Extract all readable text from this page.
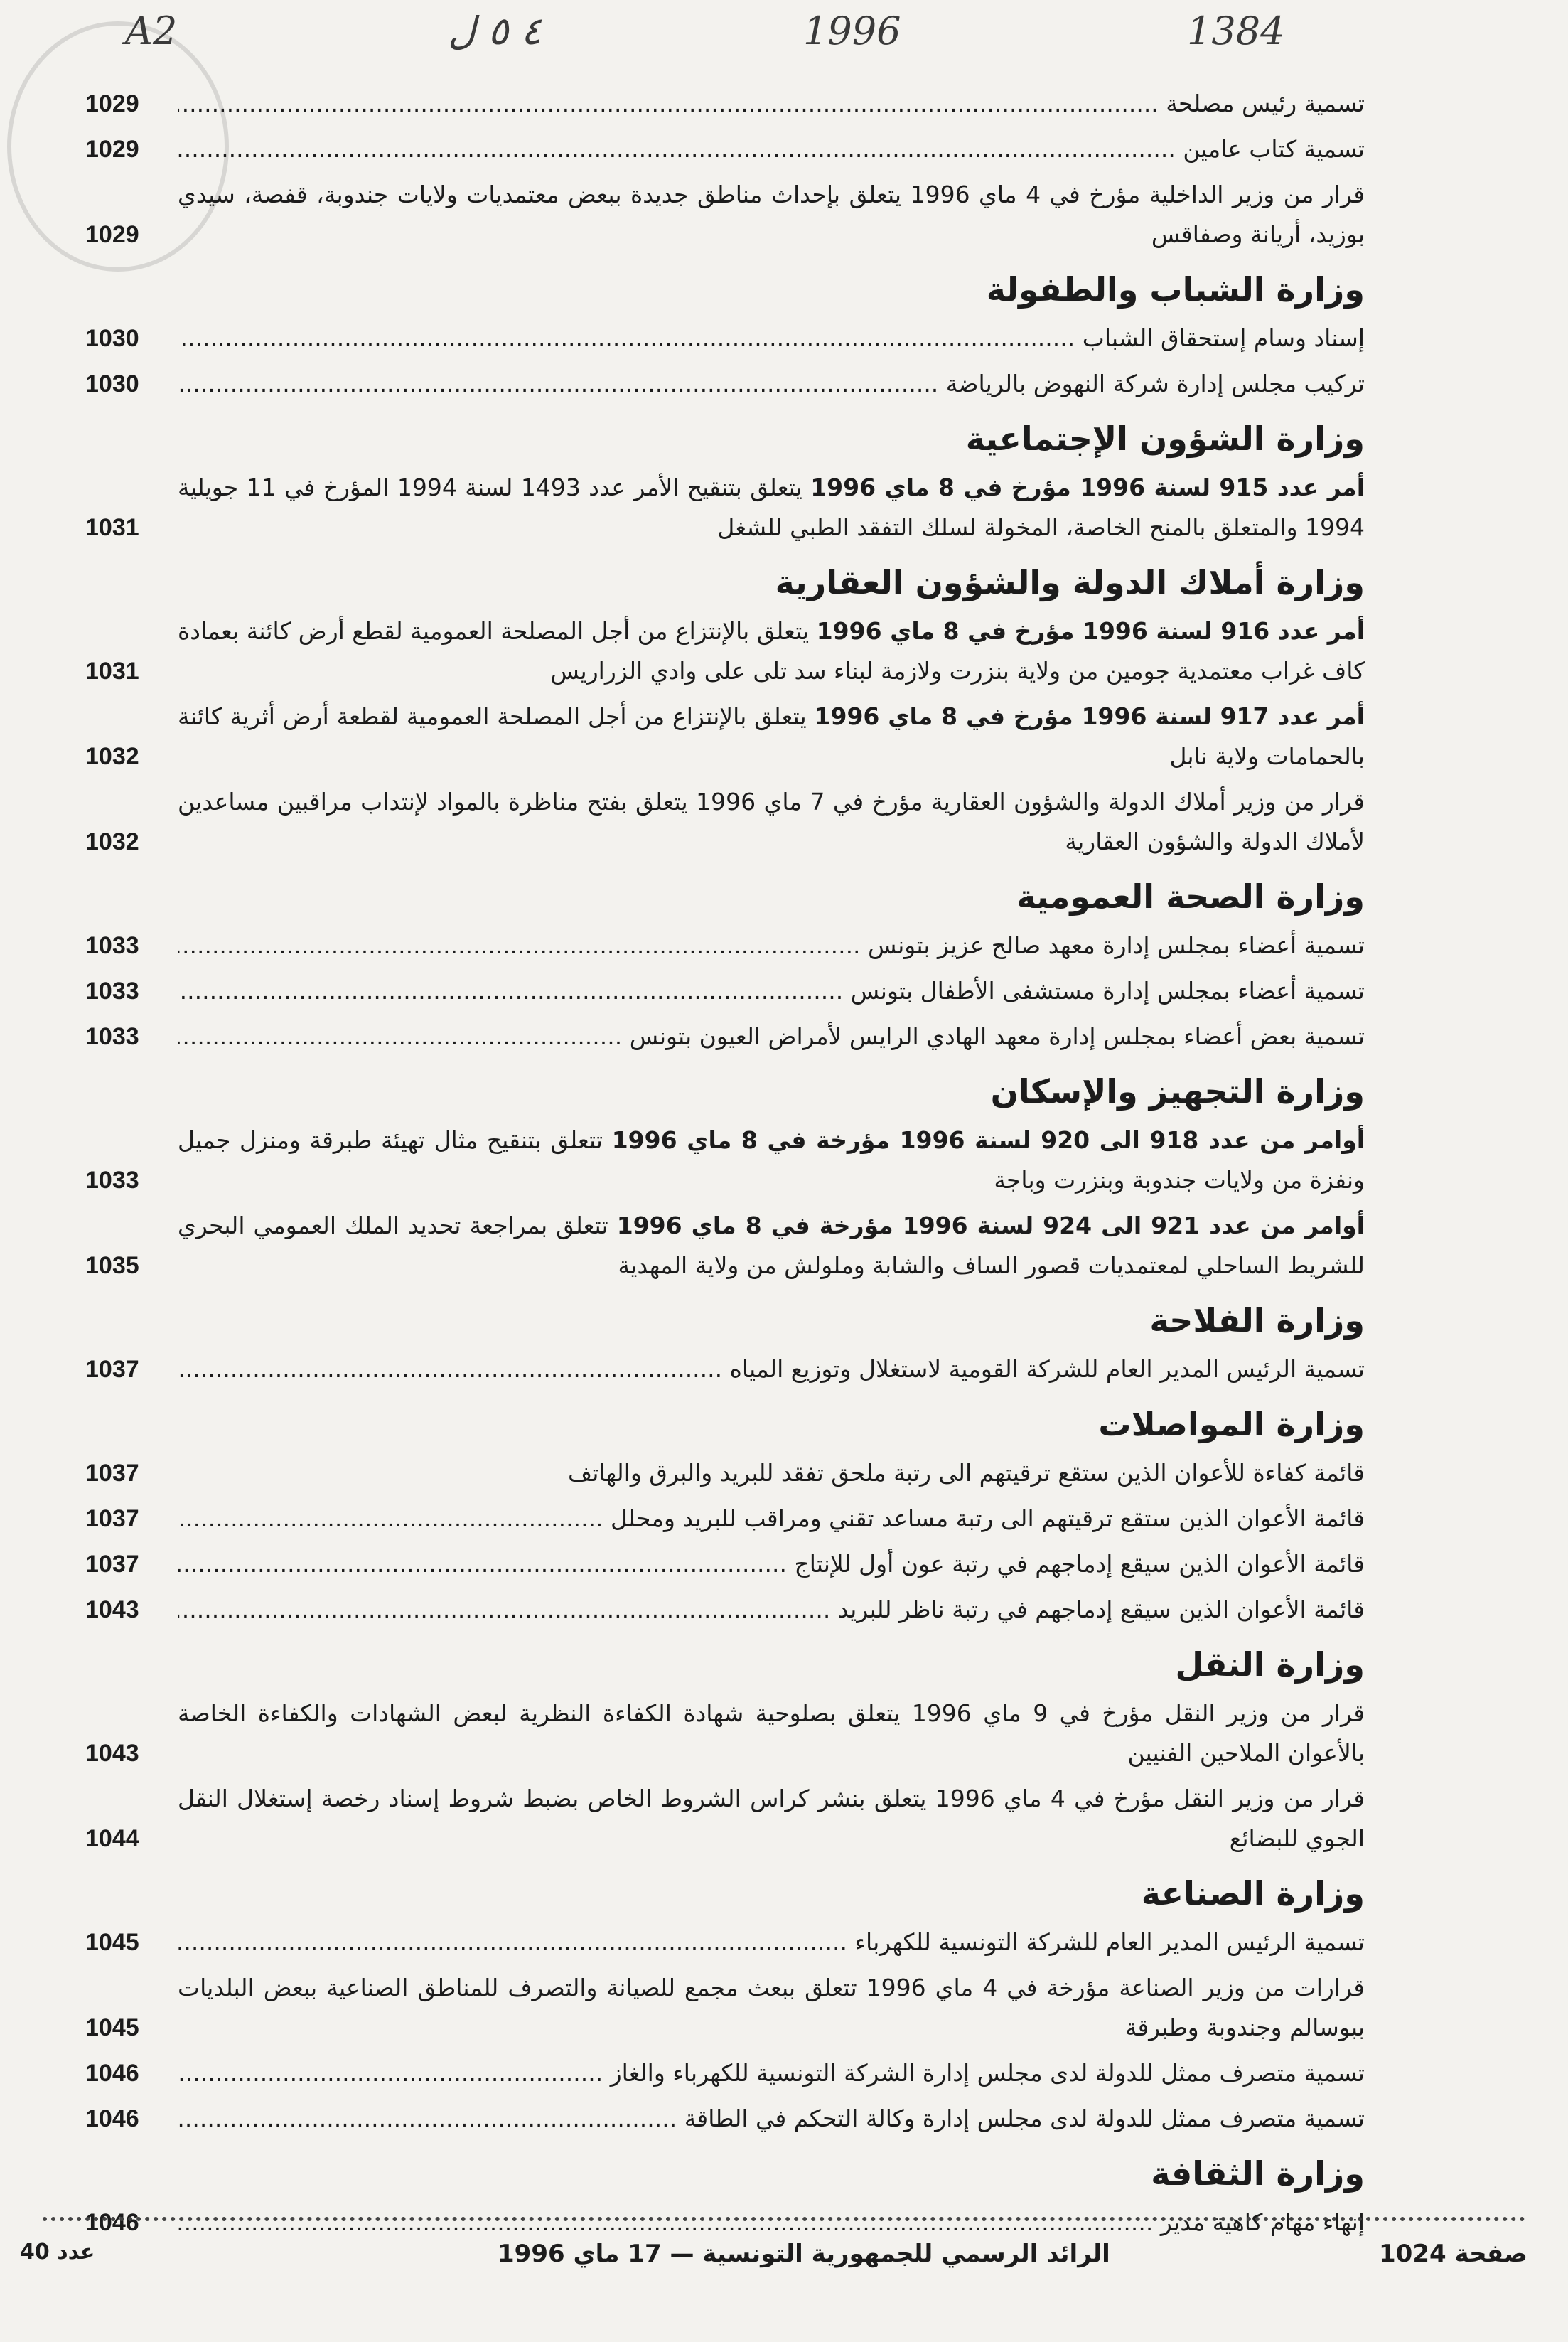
A2	٤ ٥ ل	1996	1384
تسمية رئيس مصلحة .....
1029
تسمية كتاب عامين .....
1029
قرار من وزير الداخلية مؤرخ في 4 ماي 1996 يتعلق بإحداث مناطق جديدة ببعض معتمديات ولايات جندوبة، قفصة، سيدي بوزيد، أريانة وصفاقس
1029
وزارة الشباب والطفولة
إسناد وسام إستحقاق الشباب .....
1030
تركيب مجلس إدارة شركة النهوض بالرياضة .....
1030
وزارة الشؤون الإجتماعية
أمر عدد 915 لسنة 1996 مؤرخ في 8 ماي 1996 يتعلق بتنقيح الأمر عدد 1493 لسنة 1994 المؤرخ في 11 جويلية 1994 والمتعلق بالمنح الخاصة، المخولة لسلك التفقد الطبي للشغل
1031
وزارة أملاك الدولة والشؤون العقارية
أمر عدد 916 لسنة 1996 مؤرخ في 8 ماي 1996 يتعلق بالإنتزاع من أجل المصلحة العمومية لقطع أرض كائنة بعمادة كاف غراب معتمدية جومين من ولاية بنزرت ولازمة لبناء سد تلى على وادي الزراريس
1031
أمر عدد 917 لسنة 1996 مؤرخ في 8 ماي 1996 يتعلق بالإنتزاع من أجل المصلحة العمومية لقطعة أرض أثرية كائنة بالحمامات ولاية نابل
1032
قرار من وزير أملاك الدولة والشؤون العقارية مؤرخ في 7 ماي 1996 يتعلق بفتح مناظرة بالمواد لإنتداب مراقبين مساعدين لأملاك الدولة والشؤون العقارية
1032
وزارة الصحة العمومية
تسمية أعضاء بمجلس إدارة معهد صالح عزيز بتونس .....
1033
تسمية أعضاء بمجلس إدارة مستشفى الأطفال بتونس .....
1033
تسمية بعض أعضاء بمجلس إدارة معهد الهادي الرايس لأمراض العيون بتونس .....
1033
وزارة التجهيز والإسكان
أوامر من عدد 918 الى 920 لسنة 1996 مؤرخة في 8 ماي 1996 تتعلق بتنقيح مثال تهيئة طبرقة ومنزل جميل ونفزة من ولايات جندوبة وبنزرت وباجة
1033
أوامر من عدد 921 الى 924 لسنة 1996 مؤرخة في 8 ماي 1996 تتعلق بمراجعة تحديد الملك العمومي البحري للشريط الساحلي لمعتمديات قصور الساف والشابة وملولش من ولاية المهدية
1035
وزارة الفلاحة
تسمية الرئيس المدير العام للشركة القومية لاستغلال وتوزيع المياه .....
1037
وزارة المواصلات
قائمة كفاءة للأعوان الذين ستقع ترقيتهم الى رتبة ملحق تفقد للبريد والبرق والهاتف
1037
قائمة الأعوان الذين ستقع ترقيتهم الى رتبة مساعد تقني ومراقب للبريد ومحلل .....
1037
قائمة الأعوان الذين سيقع إدماجهم في رتبة عون أول للإنتاج .....
1037
قائمة الأعوان الذين سيقع إدماجهم في رتبة ناظر للبريد .....
1043
وزارة النقل
قرار من وزير النقل مؤرخ في 9 ماي 1996 يتعلق بصلوحية شهادة الكفاءة النظرية لبعض الشهادات والكفاءة الخاصة بالأعوان الملاحين الفنيين
1043
قرار من وزير النقل مؤرخ في 4 ماي 1996 يتعلق بنشر كراس الشروط الخاص بضبط شروط إسناد رخصة إستغلال النقل الجوي للبضائع
1044
وزارة الصناعة
تسمية الرئيس المدير العام للشركة التونسية للكهرباء .....
1045
قرارات من وزير الصناعة مؤرخة في 4 ماي 1996 تتعلق ببعث مجمع للصيانة والتصرف للمناطق الصناعية ببعض البلديات ببوسالم وجندوبة وطبرقة
1045
تسمية متصرف ممثل للدولة لدى مجلس إدارة الشركة التونسية للكهرباء والغاز .....
1046
تسمية متصرف ممثل للدولة لدى مجلس إدارة وكالة التحكم في الطاقة .....
1046
وزارة الثقافة
إنهاء مهام كاهية مدير .....
1046
صفحة 1024
الرائد الرسمي للجمهورية التونسية — 17 ماي 1996
عدد 40
